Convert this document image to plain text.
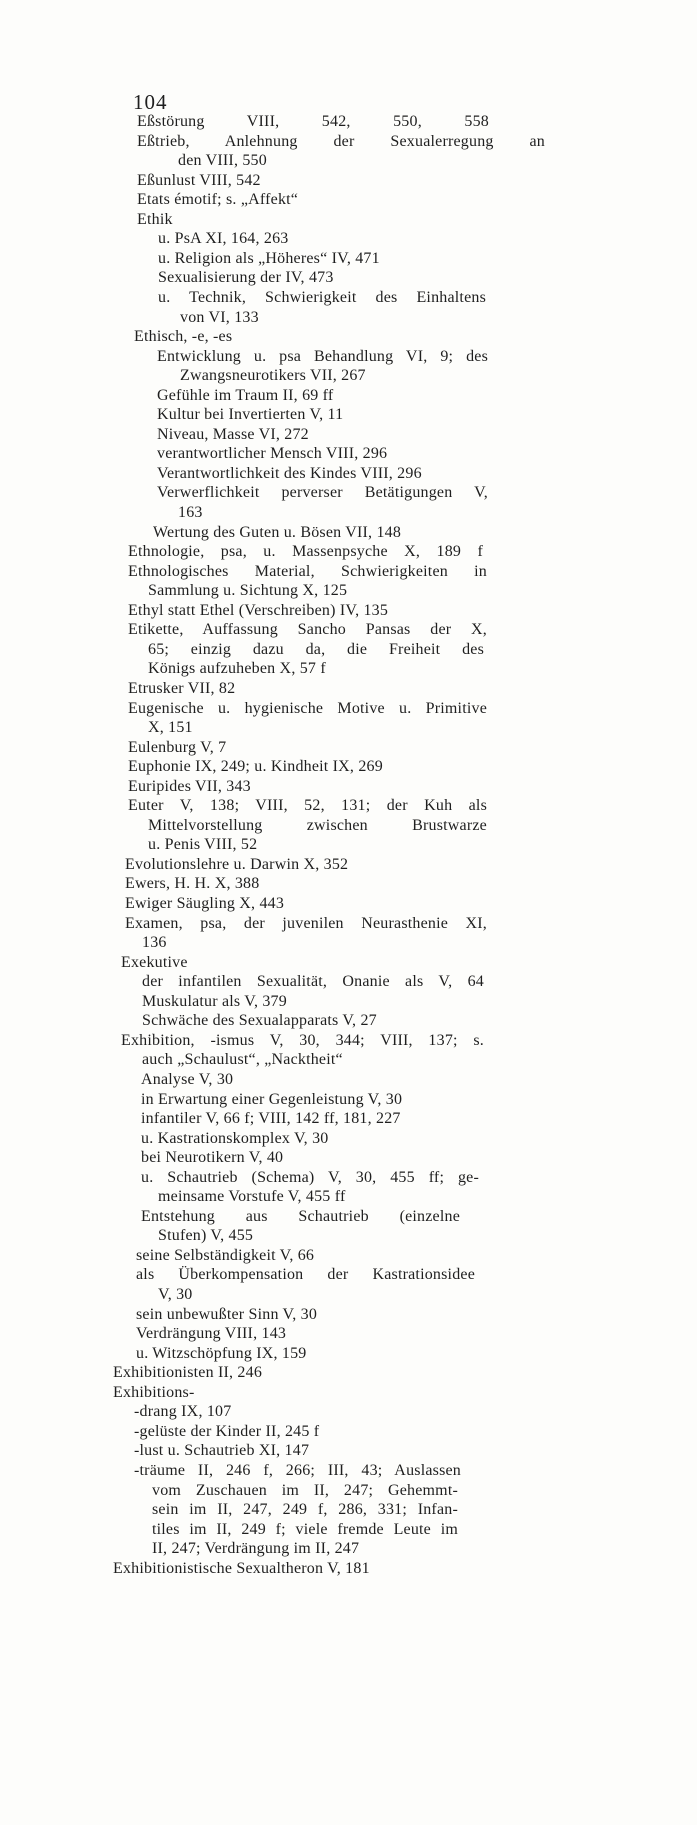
104
Eßstörung VIII, 542, 550, 558
Eßtrieb, Anlehnung der Sexualerregung an
den VIII, 550
Eßunlust VIII, 542
Etats émotif; s. „Affekt“
Ethik
u. PsA XI, 164, 263
u. Religion als „Höheres“ IV, 471
Sexualisierung der IV, 473
u. Technik, Schwierigkeit des Einhaltens
von VI, 133
Ethisch, -e, -es
Entwicklung u. psa Behandlung VI, 9; des
Zwangsneurotikers VII, 267
Gefühle im Traum II, 69 ff
Kultur bei Invertierten V, 11
Niveau, Masse VI, 272
verantwortlicher Mensch VIII, 296
Verantwortlichkeit des Kindes VIII, 296
Verwerflichkeit perverser Betätigungen V,
163
Wertung des Guten u. Bösen VII, 148
Ethnologie, psa, u. Massenpsyche X, 189 f
Ethnologisches Material, Schwierigkeiten in
Sammlung u. Sichtung X, 125
Ethyl statt Ethel (Verschreiben) IV, 135
Etikette, Auffassung Sancho Pansas der X,
65; einzig dazu da, die Freiheit des
Königs aufzuheben X, 57 f
Etrusker VII, 82
Eugenische u. hygienische Motive u. Primitive
X, 151
Eulenburg V, 7
Euphonie IX, 249; u. Kindheit IX, 269
Euripides VII, 343
Euter V, 138; VIII, 52, 131; der Kuh als
Mittelvorstellung zwischen Brustwarze
u. Penis VIII, 52
Evolutionslehre u. Darwin X, 352
Ewers, H. H. X, 388
Ewiger Säugling X, 443
Examen, psa, der juvenilen Neurasthenie XI,
136
Exekutive
der infantilen Sexualität, Onanie als V, 64
Muskulatur als V, 379
Schwäche des Sexualapparats V, 27
Exhibition, -ismus V, 30, 344; VIII, 137; s.
auch „Schaulust“, „Nacktheit“
Analyse V, 30
in Erwartung einer Gegenleistung V, 30
infantiler V, 66 f; VIII, 142 ff, 181, 227
u. Kastrationskomplex V, 30
bei Neurotikern V, 40
u. Schautrieb (Schema) V, 30, 455 ff; ge-
meinsame Vorstufe V, 455 ff
Entstehung aus Schautrieb (einzelne
Stufen) V, 455
seine Selbständigkeit V, 66
als Überkompensation der Kastrationsidee
V, 30
sein unbewußter Sinn V, 30
Verdrängung VIII, 143
u. Witzschöpfung IX, 159
Exhibitionisten II, 246
Exhibitions-
-drang IX, 107
-gelüste der Kinder II, 245 f
-lust u. Schautrieb XI, 147
-träume II, 246 f, 266; III, 43; Auslassen
vom Zuschauen im II, 247; Gehemmt-
sein im II, 247, 249 f, 286, 331; Infan-
tiles im II, 249 f; viele fremde Leute im
II, 247; Verdrängung im II, 247
Exhibitionistische Sexualtheron V, 181
